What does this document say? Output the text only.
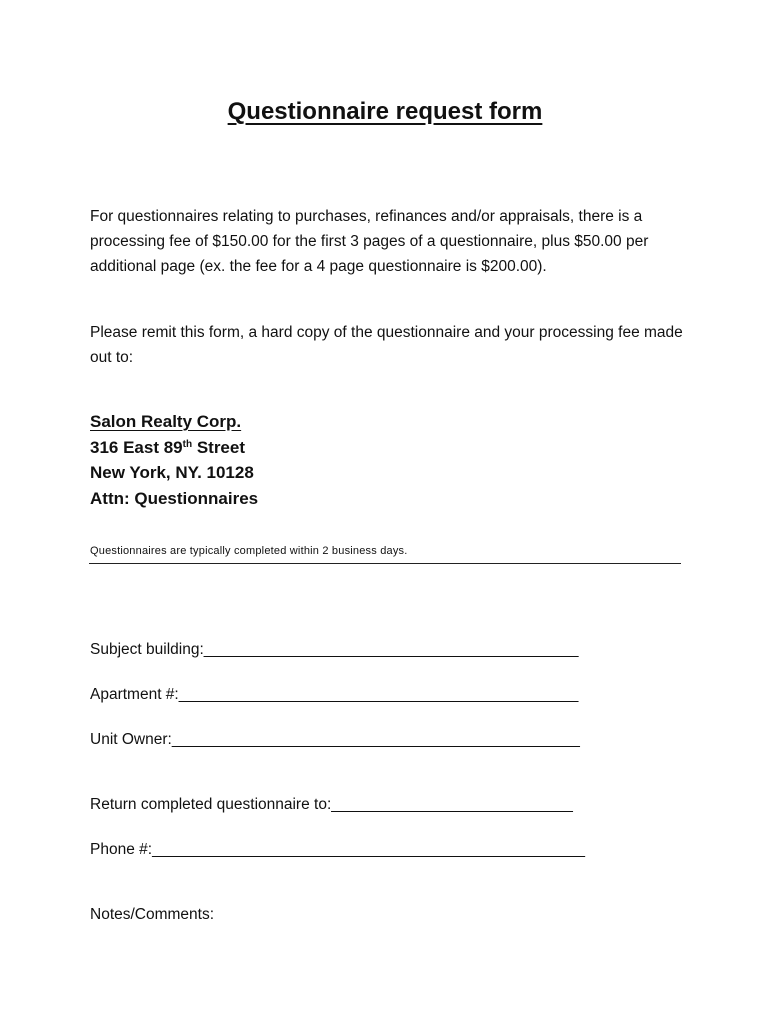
Questionnaire request form
For questionnaires relating to purchases, refinances and/or appraisals, there is a processing fee of $150.00 for the first 3 pages of a questionnaire, plus $50.00 per additional page (ex. the fee for a 4 page questionnaire is $200.00).
Please remit this form, a hard copy of the questionnaire and your processing fee made out to:
Salon Realty Corp.
316 East 89th Street
New York, NY. 10128
Attn: Questionnaires
Questionnaires are typically completed within 2 business days.
Subject building:_____________________________________________
Apartment #:________________________________________________
Unit Owner:_________________________________________________
Return completed questionnaire to:_____________________________
Phone #:____________________________________________________
Notes/Comments:
